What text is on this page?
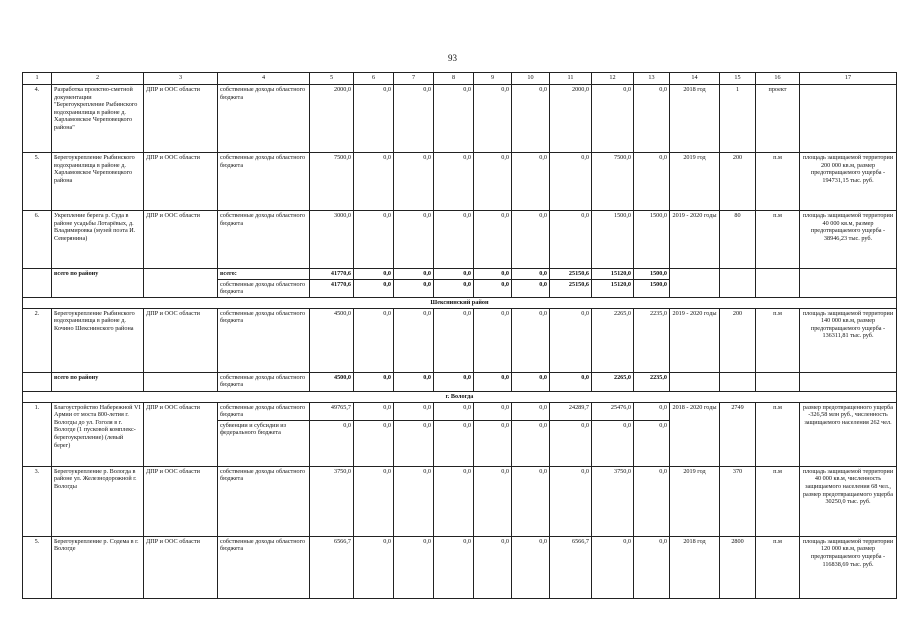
93
1	2	3	4	5	6	7	8	9	10	11	12	13	14	15	16	17
4.	Разработка проектно-сметной документации "Берегоукрепление Рыбинского водохранилища в районе д. Харламовское Череповецкого района"	ДПР и ООС области	собственные доходы областного бюджета	2000,0	0,0	0,0	0,0	0,0	0,0	2000,0	0,0	0,0	2018 год	1	проект	
5.	Берегоукрепление Рыбинского водохранилища в районе д. Харламовское Череповецкого района	ДПР и ООС области	собственные доходы областного бюджета	7500,0	0,0	0,0	0,0	0,0	0,0	0,0	7500,0	0,0	2019 год	200	п.м	площадь защищаемой территории 200 000 кв.м, размер предотвращаемого ущерба - 194731,15 тыс. руб.
6.	Укрепление берега р. Суда в районе усадьбы Лотарёвых, д. Владимировка (музей поэта И. Северянина)	ДПР и ООС области	собственные доходы областного бюджета	3000,0	0,0	0,0	0,0	0,0	0,0	0,0	1500,0	1500,0	2019 - 2020 годы	80	п.м	площадь защищаемой территории 40 000 кв.м, размер предотвращаемого ущерба - 38946,23 тыс. руб.
	всего по району		всего:	41770,6	0,0	0,0	0,0	0,0	0,0	25150,6	15120,0	1500,0				
			собственные доходы областного бюджета	41770,6	0,0	0,0	0,0	0,0	0,0	25150,6	15120,0	1500,0				
Шекснинский район																
2.	Берегоукрепление Рыбинского водохранилища в районе д. Кочино Шекснинского района	ДПР и ООС области	собственные доходы областного бюджета	4500,0	0,0	0,0	0,0	0,0	0,0	0,0	2265,0	2235,0	2019 - 2020 годы	200	п.м	площадь защищаемой территории 140 000 кв.м, размер предотвращаемого ущерба - 136311,81 тыс. руб.
	всего по району		собственные доходы областного бюджета	4500,0	0,0	0,0	0,0	0,0	0,0	0,0	2265,0	2235,0				
г. Вологда																
1.	Благоустройство Набережной VI Армии от моста 800-летия г. Вологды до ул. Гоголя в г. Вологде (1 пусковой комплекс-берегоукрепление) (левый берег)	ДПР и ООС области	собственные доходы областного бюджета	49765,7	0,0	0,0	0,0	0,0	0,0	24289,7	25476,0	0,0	2018 - 2020 годы	2749	п.м	размер предотвращенного ущерба -326,58 млн руб., численность защищаемого населения 262 чел.
			субвенции и субсидии из федерального бюджета	0,0	0,0	0,0	0,0	0,0	0,0	0,0	0,0	0,0				
3.	Берегоукрепление р. Вологда в районе ул. Железнодорожной г. Вологды	ДПР и ООС области	собственные доходы областного бюджета	3750,0	0,0	0,0	0,0	0,0	0,0	0,0	3750,0	0,0	2019 год	370	п.м	площадь защищаемой территории 40 000 кв.м, численность защищаемого населения 68 чел., размер предотвращаемого ущерба 30250,0 тыс. руб.
5.	Берегоукрепление р. Содема в г. Вологде	ДПР и ООС области	собственные доходы областного бюджета	6566,7	0,0	0,0	0,0	0,0	0,0	6566,7	0,0	0,0	2018 год	2800	п.м	площадь защищаемой территории 120 000 кв.м, размер предотвращаемого ущерба - 116838,69 тыс. руб.
